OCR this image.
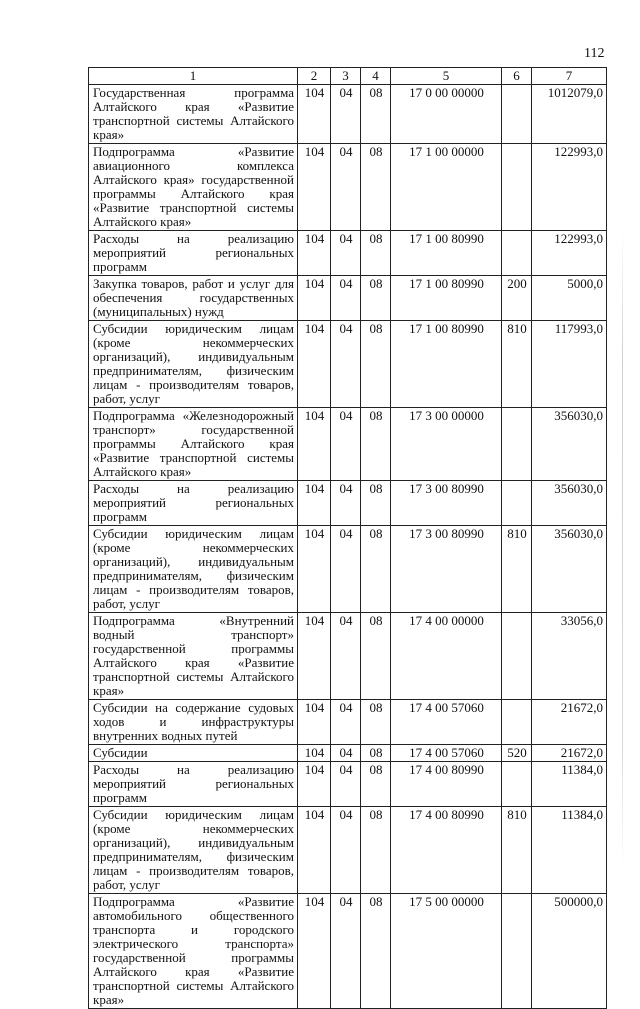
112
1	2	3	4	5	6	7
Государственная программа Алтайского края «Развитие транспортной системы Алтайского края»	104	04	08	17 0 00 00000		1012079,0
Подпрограмма «Развитие авиационного комплекса Алтайского края» государственной программы Алтайского края «Развитие транспортной системы Алтайского края»	104	04	08	17 1 00 00000		122993,0
Расходы на реализацию мероприятий региональных программ	104	04	08	17 1 00 80990		122993,0
Закупка товаров, работ и услуг для обеспечения государственных (муниципальных) нужд	104	04	08	17 1 00 80990	200	5000,0
Субсидии юридическим лицам (кроме некоммерческих организаций), индивидуальным предпринимателям, физическим лицам - производителям товаров, работ, услуг	104	04	08	17 1 00 80990	810	117993,0
Подпрограмма «Железнодорожный транспорт» государственной программы Алтайского края «Развитие транспортной системы Алтайского края»	104	04	08	17 3 00 00000		356030,0
Расходы на реализацию мероприятий региональных программ	104	04	08	17 3 00 80990		356030,0
Субсидии юридическим лицам (кроме некоммерческих организаций), индивидуальным предпринимателям, физическим лицам - производителям товаров, работ, услуг	104	04	08	17 3 00 80990	810	356030,0
Подпрограмма «Внутренний водный транспорт» государственной программы Алтайского края «Развитие транспортной системы Алтайского края»	104	04	08	17 4 00 00000		33056,0
Субсидии на содержание судовых ходов и инфраструктуры внутренних водных путей	104	04	08	17 4 00 57060		21672,0
Субсидии	104	04	08	17 4 00 57060	520	21672,0
Расходы на реализацию мероприятий региональных программ	104	04	08	17 4 00 80990		11384,0
Субсидии юридическим лицам (кроме некоммерческих организаций), индивидуальным предпринимателям, физическим лицам - производителям товаров, работ, услуг	104	04	08	17 4 00 80990	810	11384,0
Подпрограмма «Развитие автомобильного общественного транспорта и городского электрического транспорта» государственной программы Алтайского края «Развитие транспортной системы Алтайского края»	104	04	08	17 5 00 00000		500000,0
